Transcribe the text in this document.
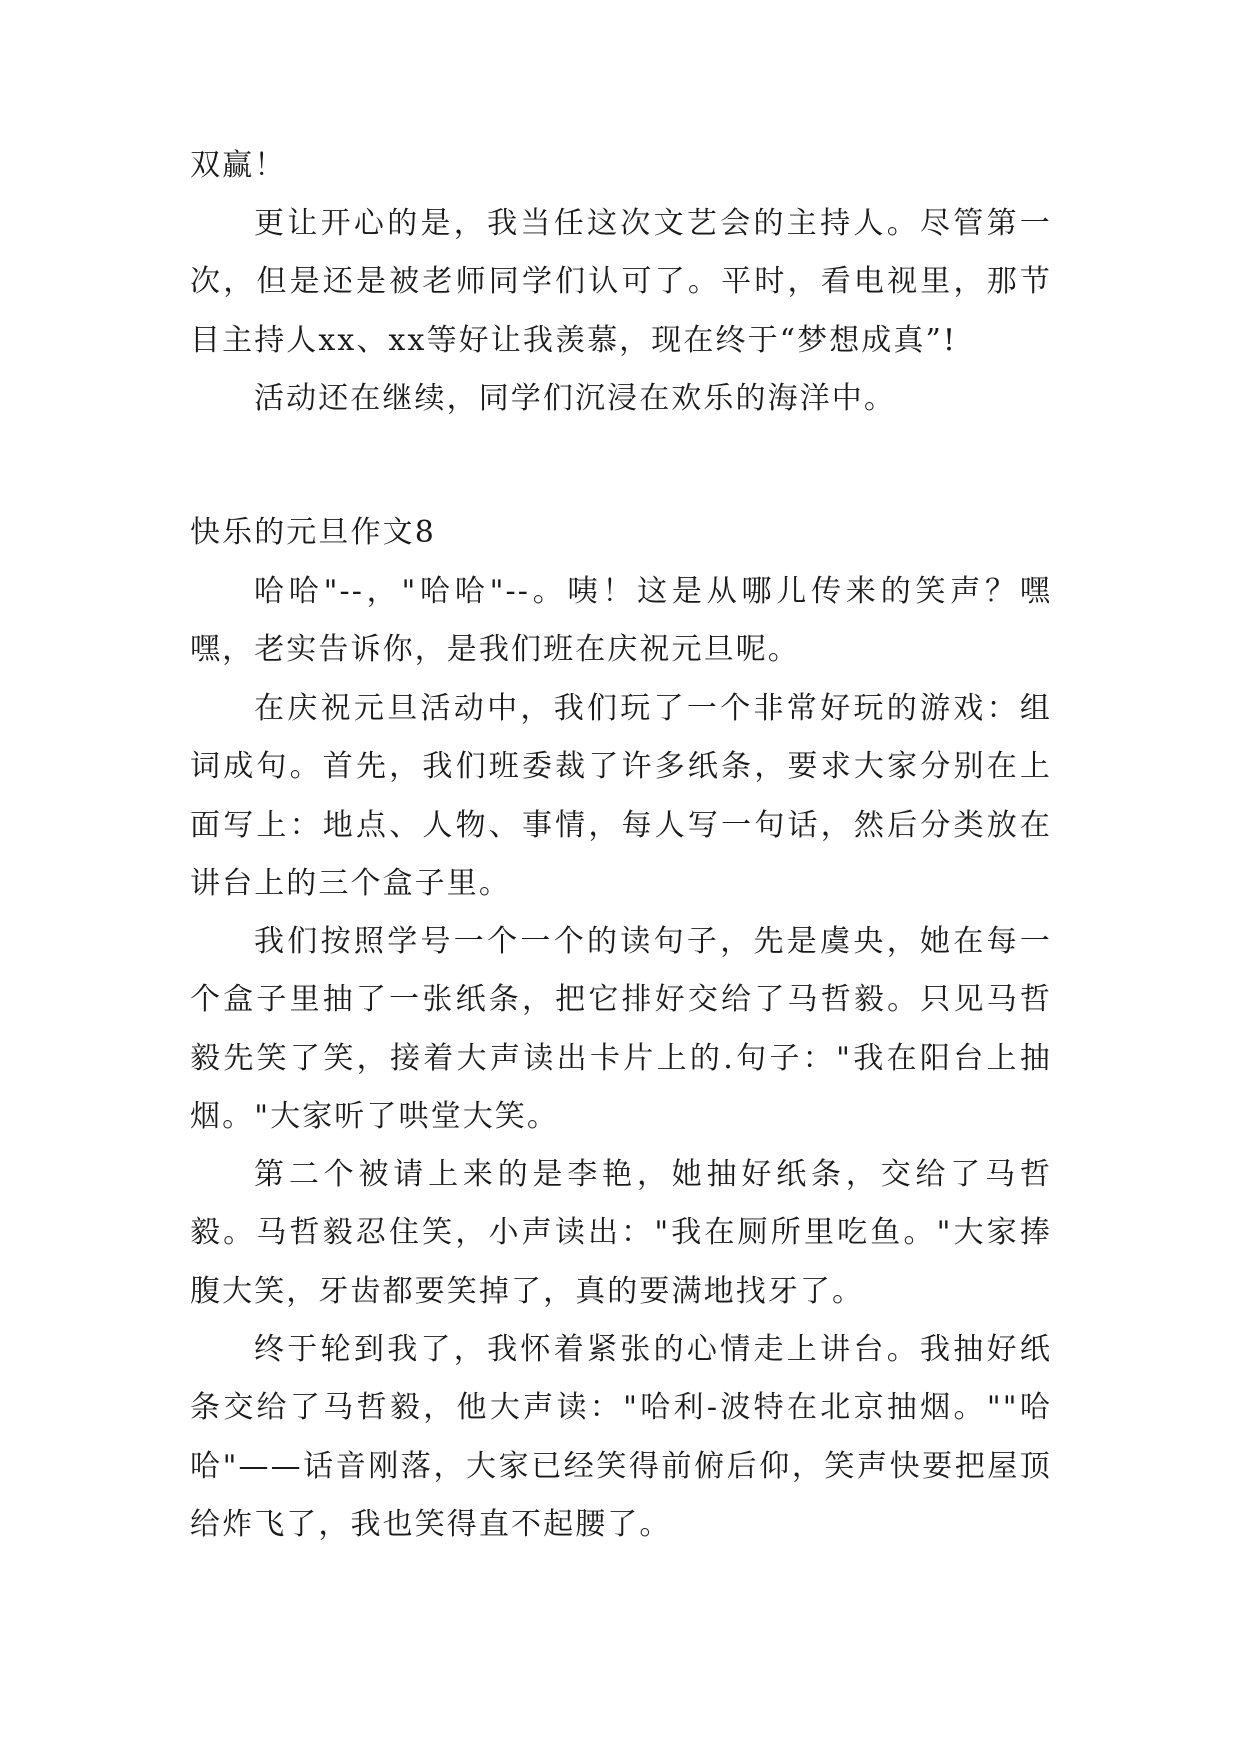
双赢！

更让开心的是，我当任这次文艺会的主持人。尽管第一次，但是还是被老师同学们认可了。平时，看电视里，那节目主持人xx、xx等好让我羡慕，现在终于“梦想成真”!

活动还在继续，同学们沉浸在欢乐的海洋中。

快乐的元旦作文8

哈哈"--，"哈哈"--。咦！这是从哪儿传来的笑声？嘿嘿，老实告诉你，是我们班在庆祝元旦呢。

在庆祝元旦活动中，我们玩了一个非常好玩的游戏：组词成句。首先，我们班委裁了许多纸条，要求大家分别在上面写上：地点、人物、事情，每人写一句话，然后分类放在讲台上的三个盒子里。

我们按照学号一个一个的读句子，先是虞央，她在每一个盒子里抽了一张纸条，把它排好交给了马哲毅。只见马哲毅先笑了笑，接着大声读出卡片上的.句子："我在阳台上抽烟。"大家听了哄堂大笑。

第二个被请上来的是李艳，她抽好纸条，交给了马哲毅。马哲毅忍住笑，小声读出："我在厕所里吃鱼。"大家捧腹大笑，牙齿都要笑掉了，真的要满地找牙了。

终于轮到我了，我怀着紧张的心情走上讲台。我抽好纸条交给了马哲毅，他大声读："哈利-波特在北京抽烟。""哈哈"——话音刚落，大家已经笑得前俯后仰，笑声快要把屋顶给炸飞了，我也笑得直不起腰了。
